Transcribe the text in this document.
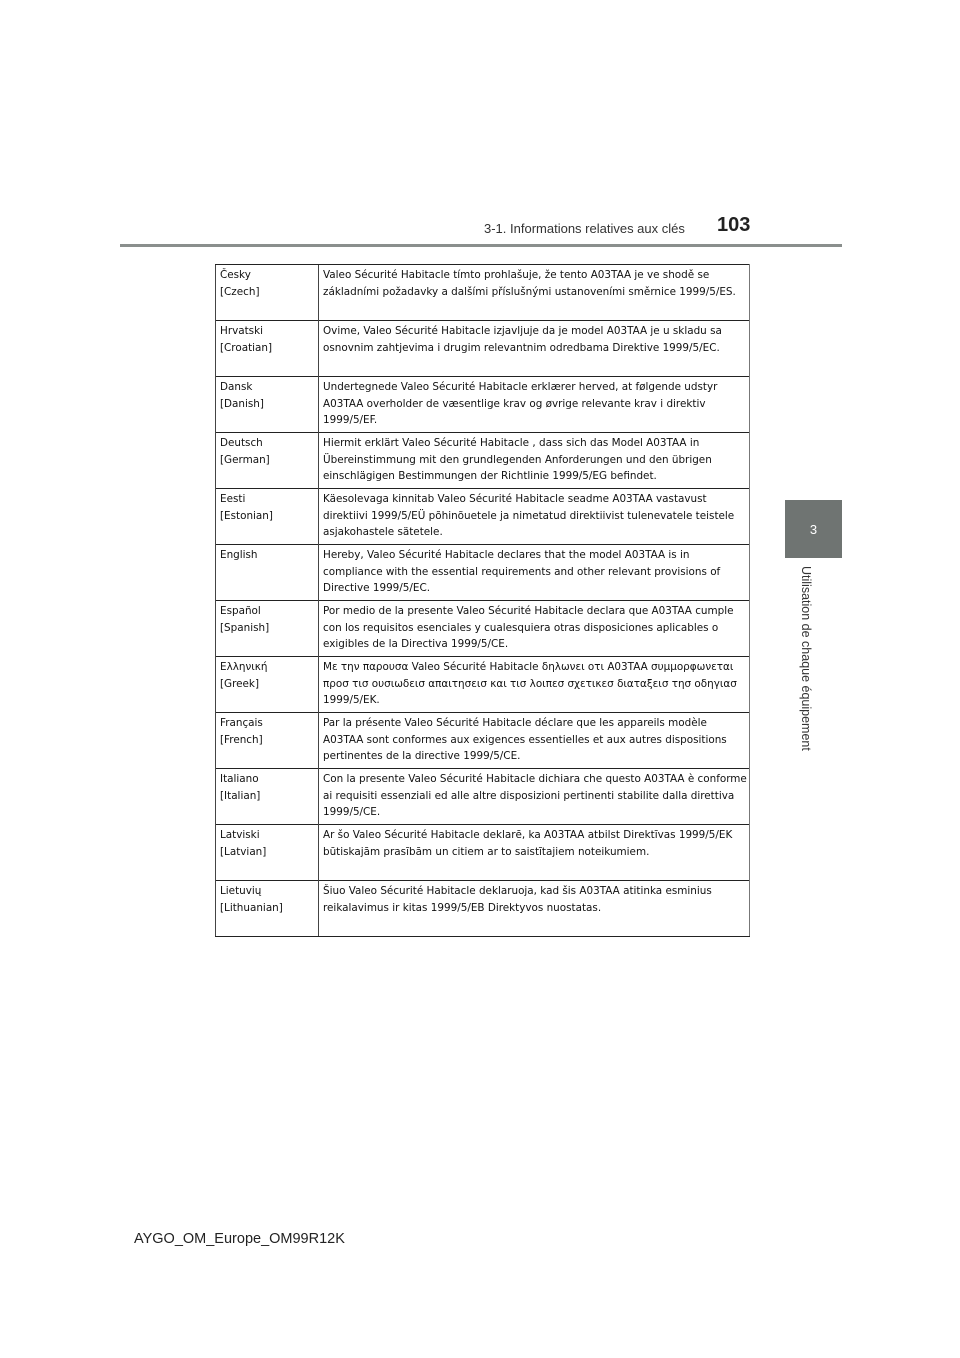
3-1. Informations relatives aux clés 103
3
Utilisation de chaque équipement
Česky
[Czech]	Valeo Sécurité Habitacle tímto prohlašuje, že tento A03TAA je ve shodě se základními požadavky a dalšími příslušnými ustanoveními směrnice 1999/5/ES.

Hrvatski
[Croatian]	Ovime, Valeo Sécurité Habitacle izjavljuje da je model A03TAA je u skladu sa osnovnim zahtjevima i drugim relevantnim odredbama Direktive 1999/5/EC.

Dansk
[Danish]	Undertegnede Valeo Sécurité Habitacle erklærer herved, at følgende udstyr A03TAA overholder de væsentlige krav og øvrige relevante krav i direktiv 1999/5/EF.

Deutsch
[German]	Hiermit erklärt Valeo Sécurité Habitacle , dass sich das Model A03TAA in Übereinstimmung mit den grundlegenden Anforderungen und den übrigen einschlägigen Bestimmungen der Richtlinie 1999/5/EG befindet.

Eesti
[Estonian]	Käesolevaga kinnitab Valeo Sécurité Habitacle seadme A03TAA vastavust direktiivi 1999/5/EÜ põhinõuetele ja nimetatud direktiivist tulenevatele teistele asjakohastele sätetele.

English	Hereby, Valeo Sécurité Habitacle declares that the model A03TAA is in compliance with the essential requirements and other relevant provisions of Directive 1999/5/EC.

Español
[Spanish]	Por medio de la presente Valeo Sécurité Habitacle declara que A03TAA cumple con los requisitos esenciales y cualesquiera otras disposiciones aplicables o exigibles de la Directiva 1999/5/CE.

Ελληνική
[Greek]	Με την παρουσα Valeo Sécurité Habitacle δηλωνει οτι A03TAA συμμορφωνεται προσ τισ ουσιωδεισ απαιτησεισ και τισ λοιπεσ σχετικεσ διαταξεισ τησ οδηγιασ 1999/5/ΕΚ.

Français
[French]	Par la présente Valeo Sécurité Habitacle déclare que les appareils modèle A03TAA sont conformes aux exigences essentielles et aux autres dispositions pertinentes de la directive 1999/5/CE.

Italiano
[Italian]	Con la presente Valeo Sécurité Habitacle dichiara che questo A03TAA è conforme ai requisiti essenziali ed alle altre disposizioni pertinenti stabilite dalla direttiva 1999/5/CE.

Latviski
[Latvian]	Ar šo Valeo Sécurité Habitacle deklarē, ka A03TAA atbilst Direktīvas 1999/5/EK būtiskajām prasībām un citiem ar to saistītajiem noteikumiem.

Lietuvių
[Lithuanian]	Šiuo Valeo Sécurité Habitacle deklaruoja, kad šis A03TAA atitinka esminius reikalavimus ir kitas 1999/5/EB Direktyvos nuostatas.
AYGO_OM_Europe_OM99R12K
